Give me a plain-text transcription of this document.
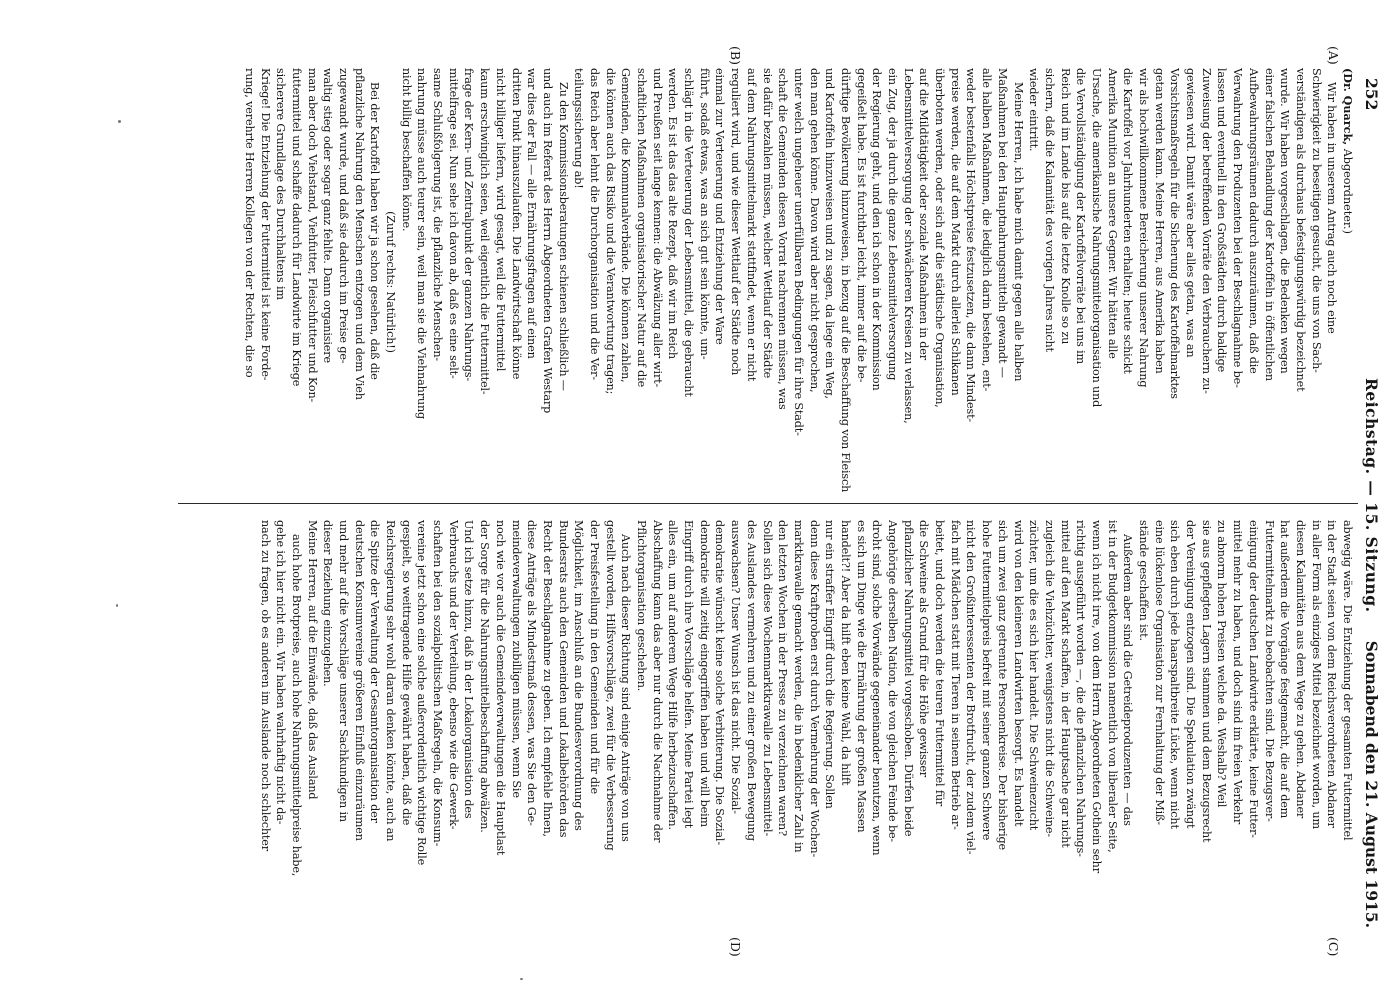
252
Reichstag. — 15. Sitzung.
Sonnabend den 21. August 1915.
(A)
(B)
(C)
(D)
(Dr. Quarck, Abgeordneter.)
Wir haben in unserem Antrag auch noch eine
Schwierigkeit zu beseitigen gesucht, die uns von Sach-
verständigen als durchaus befestigungswürdig bezeichnet
wurde. Wir haben vorgeschlagen, die Bedenken wegen
einer falschen Behandlung der Kartoffeln in öffentlichen
Aufbewahrungsräumen dadurch auszuräumen, daß die
Verwahrung den Produzenten bei der Beschlagnahme be-
lassen und eventuell in den Großstädten durch baldige
Zuweisung der betreffenden Vorräte den Verbrauchern zu-
gewiesen wird. Damit wäre aber alles getan, was an
Vorsichtsmaßregeln für die Sicherung des Kartoffelmarktes
getan werden kann. Meine Herren, aus Amerika haben
wir als hochwillkommene Bereicherung unserer Nahrung
die Kartoffel vor Jahrhunderten erhalten; heute schickt
Amerika Munition an unsere Gegner. Wir hätten alle
Ursache, die amerikanische Nahrungsmittelorganisation und
die Vervollständigung der Kartoffelvorräte bei uns im
Reich und im Lande bis auf die letzte Knolle so zu
sichern, daß die Kalamität des vorigen Jahres nicht
wieder eintritt.
Meine Herren, ich habe mich damit gegen alle halben
Maßnahmen bei den Hauptnahrungsmitteln gewandt —
alle halben Maßnahmen, die lediglich darin bestehen, ent-
weder bestenfalls Höchstpreise festzusetzen, die dann Mindest-
preise werden, die auf dem Markt durch allerlei Schikanen
überboten werden, oder sich auf die städtische Organisation,
auf die Mildtätigkeit oder soziale Maßnahmen in der
Lebensmittelversorgung der schwächeren Kreisen zu verlassen,
ein Zug, der ja durch die ganze Lebensmittelversorgung
der Regierung geht, und den ich schon in der Kommission
gegeißelt habe. Es ist furchtbar leicht, immer auf die be-
dürftige Bevölkerung hinzuweisen, in bezug auf die Beschaffung von Fleisch
und Kartoffeln hinzuweisen und zu sagen, da liege ein Weg,
den man gehen könne. Davon wird aber nicht gesprochen,
unter welch ungeheuer unerfüllbaren Bedingungen für ihre Stadt-
schaft die Gemeinden diesen Vorrat nachrennen müssen, was
sie dafür bezahlen müssen, welcher Wettlauf der Städte
auf dem Nahrungsmittelmarkt stattfindet, wenn er nicht
reguliert wird, und wie dieser Wettlauf der Städte noch
einmal zur Verteuerung und Entziehung der Ware
führt, sodaß etwas, was an sich gut sein könnte, um-
schlägt in die Verteuerung der Lebensmittel, die gebraucht
werden. Es ist das das alte Rezept, daß wir im Reich
und Preußen seit lange kennen: die Abwälzung aller wirt-
schaftlichen Maßnahmen organisatorischer Natur auf die
Gemeinden, die Kommunalverbände. Die können zahlen,
die können auch das Risiko und die Verantwortung tragen;
das Reich aber lehnt die Durchorganisation und die Ver-
teilungssicherung ab!
Zu den Kommissionsberatungen schienen schließlich —
und auch im Referat des Herrn Abgeordneten Grafen Westarp
war dies der Fall — alle Ernährungsfragen auf einen
dritten Punkt hinauszulaufen. Die Landwirtschaft könne
nicht billiger liefern, wird gesagt, weil die Futtermittel
kaum erschwinglich seien, weil eigentlich die Futtermittel-
frage der Kern- und Zentralpunkt der ganzen Nahrungs-
mittelfrage sei. Nun sehe ich davon ab, daß es eine selt-
same Schlußfolgerung ist, die pflanzliche Menschen-
nahrung müsse auch teurer sein, weil man sie die Viehnahrung
nicht billig beschaffen könne.
(Zuruf rechts: Natürlich!)
Bei der Kartoffel haben wir ja schon gesehen, daß die
pflanzliche Nahrung den Menschen entzogen und dem Vieh
zugewandt wurde, und daß sie dadurch im Preise ge-
waltig stieg oder sogar ganz fehlte. Dann organisiere
man aber doch Viehstand, Viehfutter, Fleischfutter und Kon-
futtermittel und schaffe dadurch für Landwirte im Kriege
sicherere Grundlage des Durchhaltens im
Kriege! Die Entziehung der Futtermittel ist keine Forde-
rung, verehrte Herren Kollegen von der Rechten, die so
abwegig wäre. Die Entziehung der gesamten Futtermittel
in der Stadt seien von dem Reichsverordneten Abdaner
in aller Form als einziges Mittel bezeichnet worden, um
diesen Kalamitäten aus dem Wege zu gehen. Abdaner
hat außerdem die Vorgänge festgemacht, die auf dem
Futtermittelmarkt zu beobachten sind. Die Bezugsver-
einigung der deutschen Landwirte erklärte, keine Futter-
mittel mehr zu haben, und doch sind im freien Verkehr
zu abnorm hohen Preisen welche da. Weshalb? Weil
sie aus gepflegten Lagern stammen und dem Bezugsrecht
der Vereinigung entzogen sind. Die Spekulation zwängt
sich eben durch jede haarspaltbreite Lücke, wenn nicht
eine lückenlose Organisation zur Fernhaltung der Miß-
stände geschaffen ist.
Außerdem aber sind die Getreideproduzenten — das
ist in der Budgetkommission namentlich von liberaler Seite,
wenn ich nicht irre, von dem Herrn Abgeordneten Gothein sehr
richtig ausgeführt worden —, die die pflanzlichen Nahrungs-
mittel auf den Markt schaffen, in der Hauptsache gar nicht
zugleich die Viehzüchter, wenigstens nicht die Schweine-
züchter, um die es sich hier handelt. Die Schweinezucht
wird von den kleineren Landwirten besorgt. Es handelt
sich um zwei ganz getrennte Personenkreise. Der bisherige
hohe Futtermittelpreis befreit mit seiner ganzen Schwere
nicht den Großinteressenten der Brotfrucht, der zudem viel-
fach mit Mädchen statt mit Tieren in seinem Betrieb ar-
beitet, und doch werden die teuren Futtermittel für
die Schweine als Grund für die Höhe gewisser
pflanzlicher Nahrungsmittel vorgeschoben. Dürfen beide
Angehörige derselben Nation, die von gleichen Feinde be-
droht sind, solche Vorwände gegeneinander benutzen, wenn
es sich um Dinge wie die Ernährung der großen Massen
handelt?! Aber da hilft eben keine Wahl, da hilft
nur ein straffer Eingriff durch die Regierung. Sollen
denn diese Kraftproben erst durch Vermehrung der Wochen-
marktkrawalle gemacht werden, die in bedenklicher Zahl in
den letzten Wochen in der Presse zu verzeichnen waren?
Sollen sich diese Wochenmarktkrawalle zu Lebensmittel-
des Auslandes vermehren und zu einer großen Bewegung
auswachsen? Unser Wunsch ist das nicht. Die Sozial-
demokratie wünscht keine solche Verbitterung. Die Sozial-
demokratie will zeitig eingegriffen haben und will beim
Eingriff durch ihre Vorschläge helfen. Meine Partei legt
alles ein, um auf anderem Wege Hilfe herbeizuschaffen.
Abschaffung kann das aber nur durch die Nachnahme der
Pflichtorganisation geschehen.
Auch nach dieser Richtung sind einige Anträge von uns
gestellt worden, Hilfsvorschläge, zwei für die Verbesserung
der Preisfestellung in den Gemeinden und für die
Möglichkeit, im Anschluß an die Bundesverordnung des
Bundesrats auch den Gemeinden und Lokalbehörden das
Recht der Beschlagnahme zu geben. Ich empfehle Ihnen,
diese Anträge als Mindestmaß dessen, was Sie den Ge-
meindeverwaltungen zubilligen müssen, wenn Sie
noch wie vor auch die Gemeindeverwaltungen die Hauptlast
der Sorge für die Nahrungsmittelbeschaffung abwälzen.
Und ich setze hinzu, daß in der Lokalorganisation des
Verbrauchs und der Verteilung, ebenso wie die Gewerk-
schaften bei den sozialpolitischen Maßregeln, die Konsum-
vereine jetzt schon eine solche außerordentlich wichtige Rolle
gespielt, so weittragende Hilfe gewährt haben, daß die
Reichsregierung sehr wohl daran denken könnte, auch an
die Spitze der Verwaltung der Gesamtorganisation der
deutschen Konsumvereine größeren Einfluß einzuräumen
und mehr auf die Vorschläge unserer Sachkundigen in
dieser Beziehung einzugehen.
Meine Herren, auf die Einwände, daß das Ausland
auch hohe Brotpreise, auch hohe Nahrungsmittelpreise habe,
gehe ich hier nicht ein. Wir haben wahrhaftig nicht da-
nach zu fragen, ob es anderen im Auslande noch schlechter
